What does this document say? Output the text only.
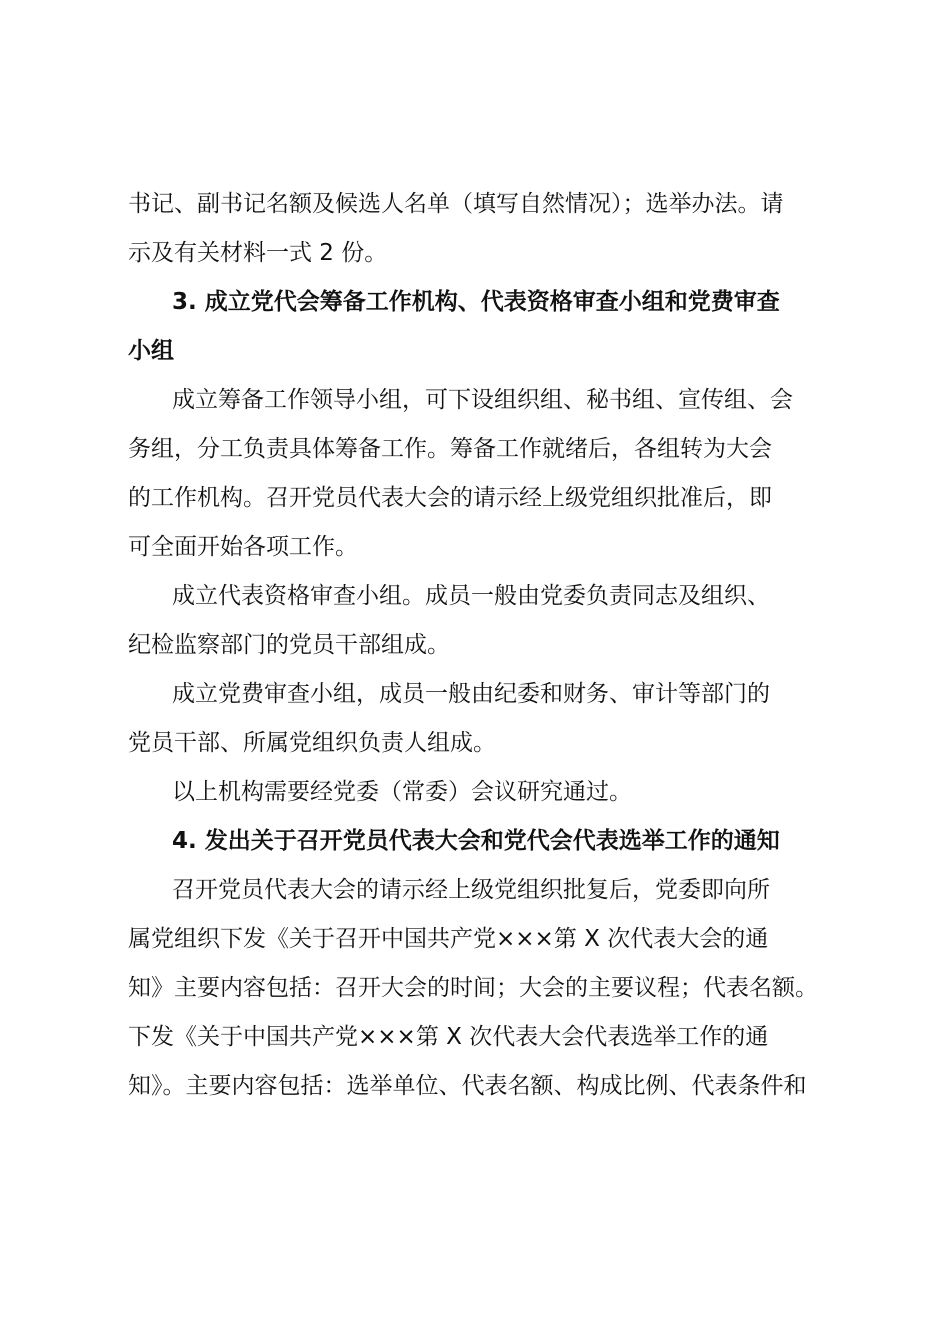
书记、副书记名额及候选人名单（填写自然情况）；选举办法。请
示及有关材料一式 2 份。
3. 成立党代会筹备工作机构、代表资格审查小组和党费审查
小组
成立筹备工作领导小组，可下设组织组、秘书组、宣传组、会
务组，分工负责具体筹备工作。筹备工作就绪后，各组转为大会
的工作机构。召开党员代表大会的请示经上级党组织批准后，即
可全面开始各项工作。
成立代表资格审查小组。成员一般由党委负责同志及组织、
纪检监察部门的党员干部组成。
成立党费审查小组，成员一般由纪委和财务、审计等部门的
党员干部、所属党组织负责人组成。
以上机构需要经党委（常委）会议研究通过。
4. 发出关于召开党员代表大会和党代会代表选举工作的通知
召开党员代表大会的请示经上级党组织批复后，党委即向所
属党组织下发《关于召开中国共产党×××第 X 次代表大会的通
知》主要内容包括：召开大会的时间；大会的主要议程；代表名额。
下发《关于中国共产党×××第 X 次代表大会代表选举工作的通
知》。主要内容包括：选举单位、代表名额、构成比例、代表条件和
